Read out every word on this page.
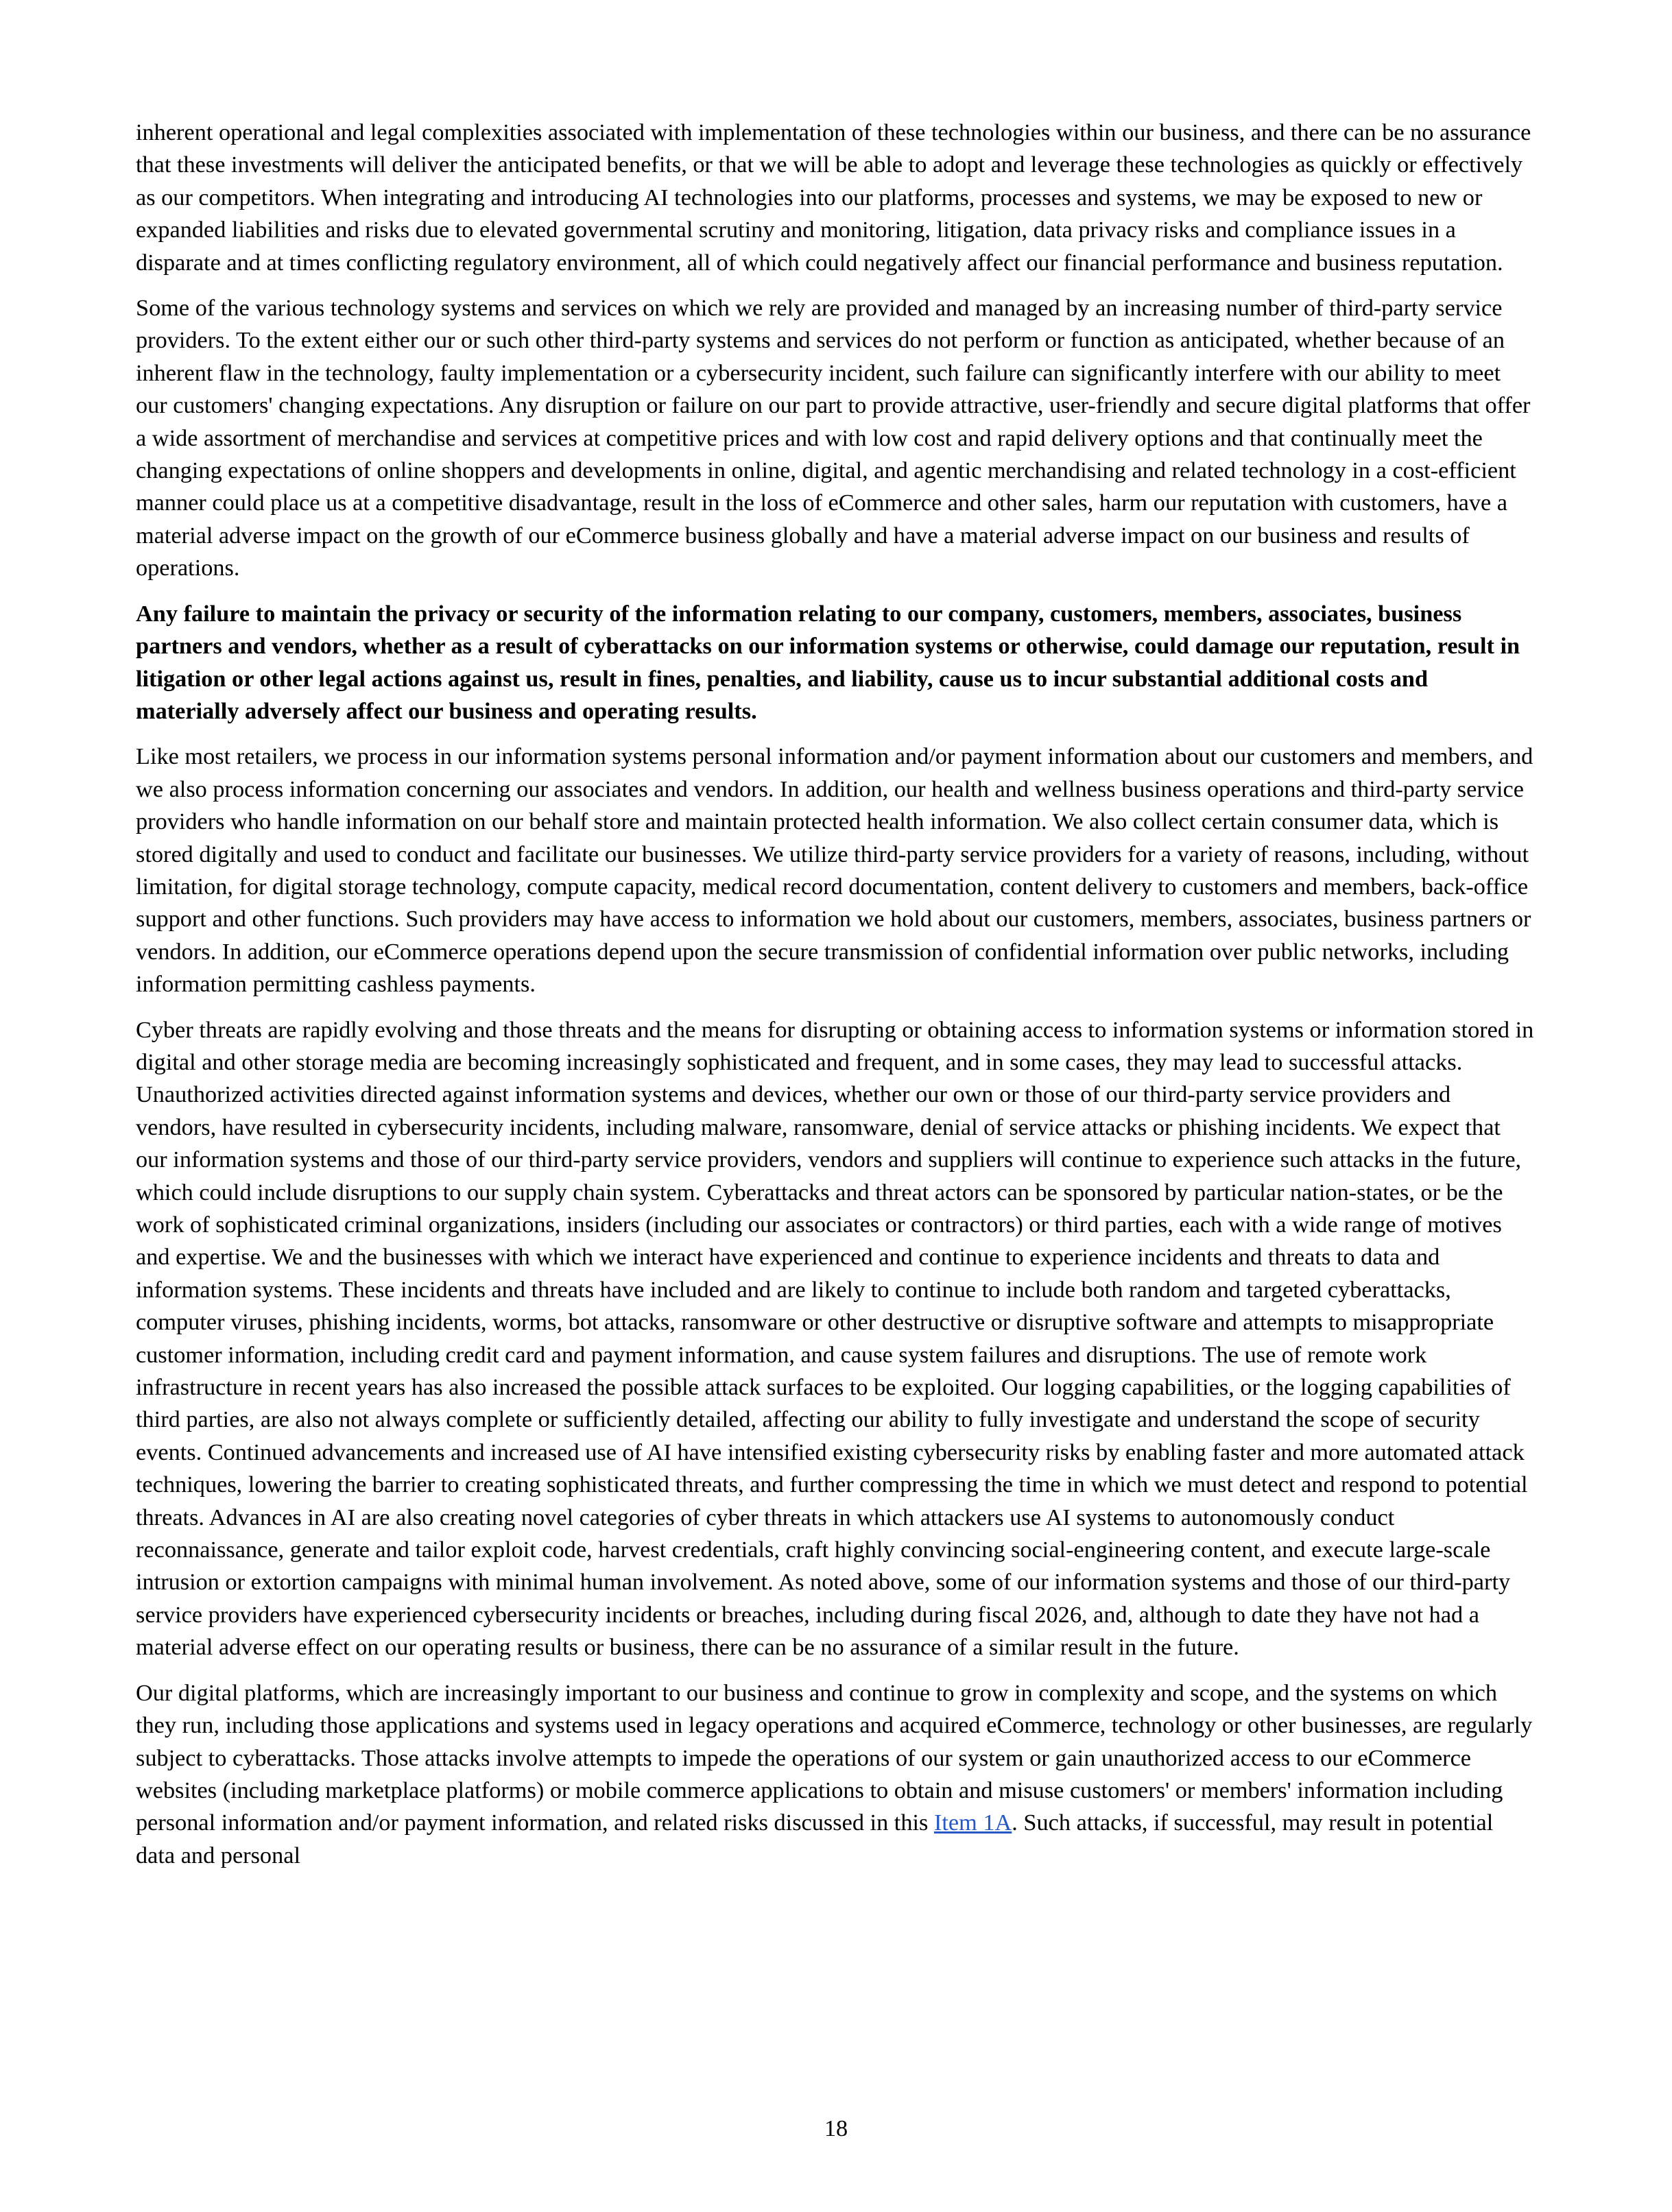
inherent operational and legal complexities associated with implementation of these technologies within our business, and there can be no assurance that these investments will deliver the anticipated benefits, or that we will be able to adopt and leverage these technologies as quickly or effectively as our competitors. When integrating and introducing AI technologies into our platforms, processes and systems, we may be exposed to new or expanded liabilities and risks due to elevated governmental scrutiny and monitoring, litigation, data privacy risks and compliance issues in a disparate and at times conflicting regulatory environment, all of which could negatively affect our financial performance and business reputation.

Some of the various technology systems and services on which we rely are provided and managed by an increasing number of third-party service providers. To the extent either our or such other third-party systems and services do not perform or function as anticipated, whether because of an inherent flaw in the technology, faulty implementation or a cybersecurity incident, such failure can significantly interfere with our ability to meet our customers' changing expectations. Any disruption or failure on our part to provide attractive, user-friendly and secure digital platforms that offer a wide assortment of merchandise and services at competitive prices and with low cost and rapid delivery options and that continually meet the changing expectations of online shoppers and developments in online, digital, and agentic merchandising and related technology in a cost-efficient manner could place us at a competitive disadvantage, result in the loss of eCommerce and other sales, harm our reputation with customers, have a material adverse impact on the growth of our eCommerce business globally and have a material adverse impact on our business and results of operations.

Any failure to maintain the privacy or security of the information relating to our company, customers, members, associates, business partners and vendors, whether as a result of cyberattacks on our information systems or otherwise, could damage our reputation, result in litigation or other legal actions against us, result in fines, penalties, and liability, cause us to incur substantial additional costs and materially adversely affect our business and operating results.

Like most retailers, we process in our information systems personal information and/or payment information about our customers and members, and we also process information concerning our associates and vendors. In addition, our health and wellness business operations and third-party service providers who handle information on our behalf store and maintain protected health information. We also collect certain consumer data, which is stored digitally and used to conduct and facilitate our businesses. We utilize third-party service providers for a variety of reasons, including, without limitation, for digital storage technology, compute capacity, medical record documentation, content delivery to customers and members, back-office support and other functions. Such providers may have access to information we hold about our customers, members, associates, business partners or vendors. In addition, our eCommerce operations depend upon the secure transmission of confidential information over public networks, including information permitting cashless payments.

Cyber threats are rapidly evolving and those threats and the means for disrupting or obtaining access to information systems or information stored in digital and other storage media are becoming increasingly sophisticated and frequent, and in some cases, they may lead to successful attacks. Unauthorized activities directed against information systems and devices, whether our own or those of our third-party service providers and vendors, have resulted in cybersecurity incidents, including malware, ransomware, denial of service attacks or phishing incidents. We expect that our information systems and those of our third-party service providers, vendors and suppliers will continue to experience such attacks in the future, which could include disruptions to our supply chain system. Cyberattacks and threat actors can be sponsored by particular nation-states, or be the work of sophisticated criminal organizations, insiders (including our associates or contractors) or third parties, each with a wide range of motives and expertise. We and the businesses with which we interact have experienced and continue to experience incidents and threats to data and information systems. These incidents and threats have included and are likely to continue to include both random and targeted cyberattacks, computer viruses, phishing incidents, worms, bot attacks, ransomware or other destructive or disruptive software and attempts to misappropriate customer information, including credit card and payment information, and cause system failures and disruptions. The use of remote work infrastructure in recent years has also increased the possible attack surfaces to be exploited. Our logging capabilities, or the logging capabilities of third parties, are also not always complete or sufficiently detailed, affecting our ability to fully investigate and understand the scope of security events. Continued advancements and increased use of AI have intensified existing cybersecurity risks by enabling faster and more automated attack techniques, lowering the barrier to creating sophisticated threats, and further compressing the time in which we must detect and respond to potential threats. Advances in AI are also creating novel categories of cyber threats in which attackers use AI systems to autonomously conduct reconnaissance, generate and tailor exploit code, harvest credentials, craft highly convincing social-engineering content, and execute large-scale intrusion or extortion campaigns with minimal human involvement. As noted above, some of our information systems and those of our third-party service providers have experienced cybersecurity incidents or breaches, including during fiscal 2026, and, although to date they have not had a material adverse effect on our operating results or business, there can be no assurance of a similar result in the future.

Our digital platforms, which are increasingly important to our business and continue to grow in complexity and scope, and the systems on which they run, including those applications and systems used in legacy operations and acquired eCommerce, technology or other businesses, are regularly subject to cyberattacks. Those attacks involve attempts to impede the operations of our system or gain unauthorized access to our eCommerce websites (including marketplace platforms) or mobile commerce applications to obtain and misuse customers' or members' information including personal information and/or payment information, and related risks discussed in this Item 1A. Such attacks, if successful, may result in potential data and personal

18
